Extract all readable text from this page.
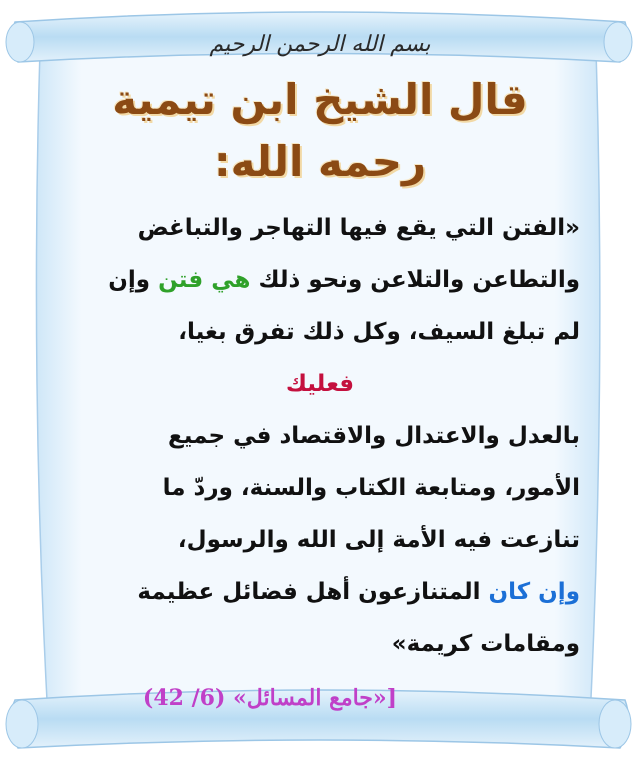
بسم الله الرحمن الرحيم
قال الشيخ ابن تيمية
رحمه الله:
«الفتن التي يقع فيها التهاجر والتباغض
والتطاعن والتلاعن ونحو ذلك هي فتن وإن
لم تبلغ السيف، وكل ذلك تفرق بغيا،
فعليك
بالعدل والاعتدال والاقتصاد في جميع
الأمور، ومتابعة الكتاب والسنة، وردّ ما
تنازعت فيه الأمة إلى الله والرسول،
وإن كان المتنازعون أهل فضائل عظيمة
ومقامات كريمة»
[«جامع المسائل» (6/ 42)
